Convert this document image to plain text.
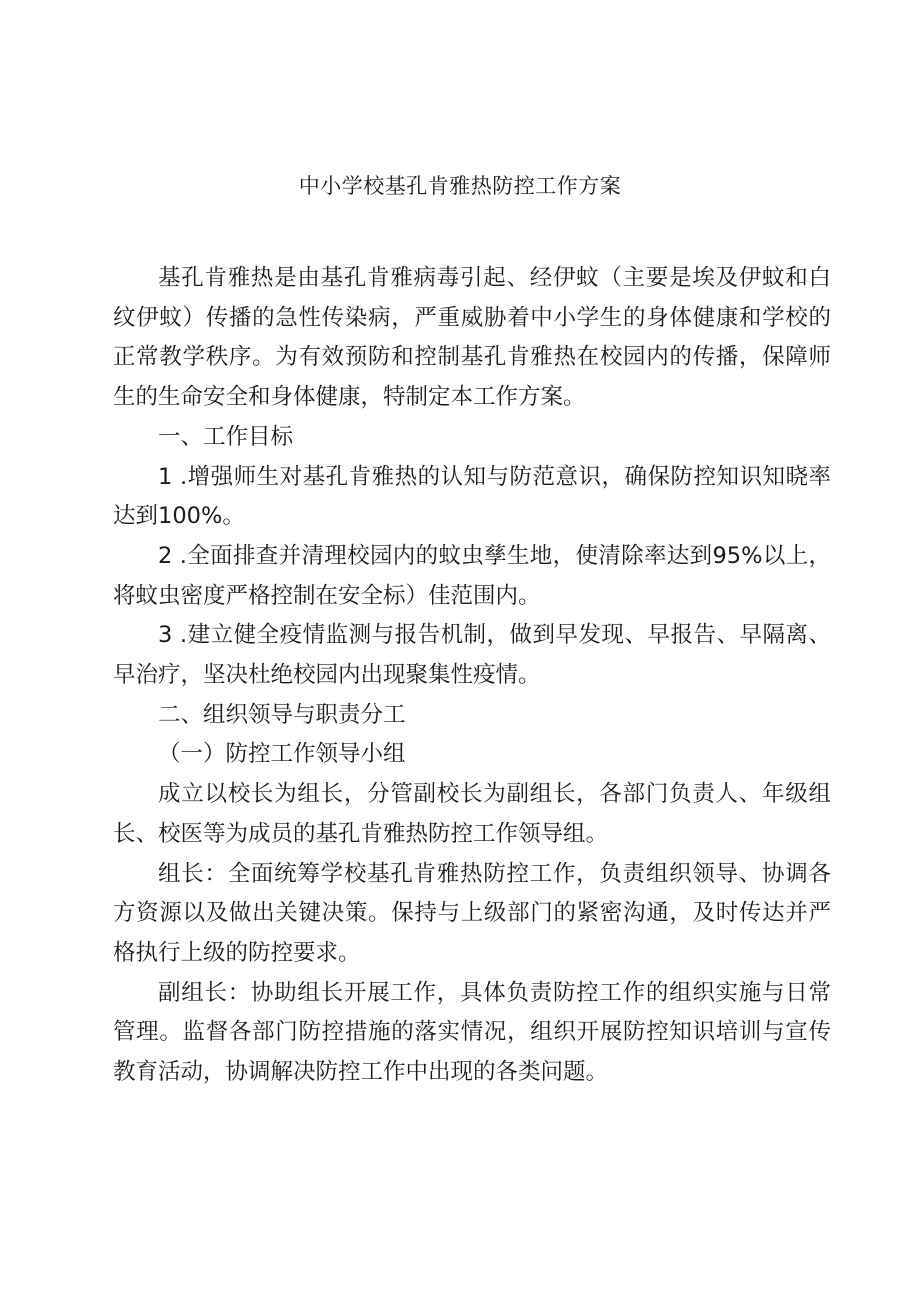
中小学校基孔肯雅热防控工作方案

基孔肯雅热是由基孔肯雅病毒引起、经伊蚊（主要是埃及伊蚊和白纹伊蚊）传播的急性传染病，严重威胁着中小学生的身体健康和学校的正常教学秩序。为有效预防和控制基孔肯雅热在校园内的传播，保障师生的生命安全和身体健康，特制定本工作方案。

一、工作目标

1 .增强师生对基孔肯雅热的认知与防范意识，确保防控知识知晓率达到100%。

2 .全面排查并清理校园内的蚊虫孳生地，使清除率达到95%以上，将蚊虫密度严格控制在安全标）佳范围内。

3 .建立健全疫情监测与报告机制，做到早发现、早报告、早隔离、早治疗，坚决杜绝校园内出现聚集性疫情。

二、组织领导与职责分工

（一）防控工作领导小组

成立以校长为组长，分管副校长为副组长，各部门负责人、年级组长、校医等为成员的基孔肯雅热防控工作领导组。

组长：全面统筹学校基孔肯雅热防控工作，负责组织领导、协调各方资源以及做出关键决策。保持与上级部门的紧密沟通，及时传达并严格执行上级的防控要求。

副组长：协助组长开展工作，具体负责防控工作的组织实施与日常管理。监督各部门防控措施的落实情况，组织开展防控知识培训与宣传教育活动，协调解决防控工作中出现的各类问题。
